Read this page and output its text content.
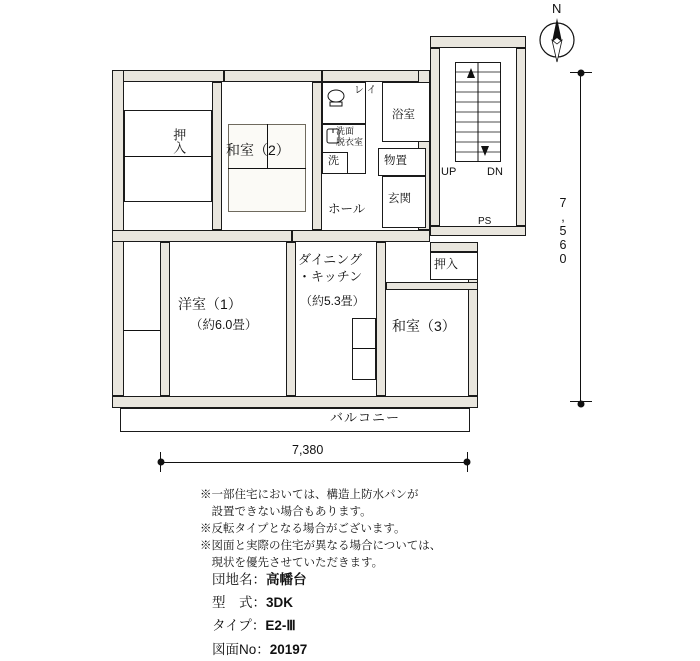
N
押入	和室（2）

イ
レ
洗面
脱衣室
洗
浴室
物置
玄関
ホール
UP	DN
PS
洋室（1）
（約6.0畳）
ダイニング
・キッチン
（約5.3畳）
押入
和室（3）
バルコニー
7,380
7,560
※一部住宅においては、構造上防水パンが
　設置できない場合もあります。
※反転タイプとなる場合がございます。
※図面と実際の住宅が異なる場合については、
　現状を優先させていただきます。
団地名：高幡台
型　式：3DK
タイプ：E2-Ⅲ
図面No：20197
